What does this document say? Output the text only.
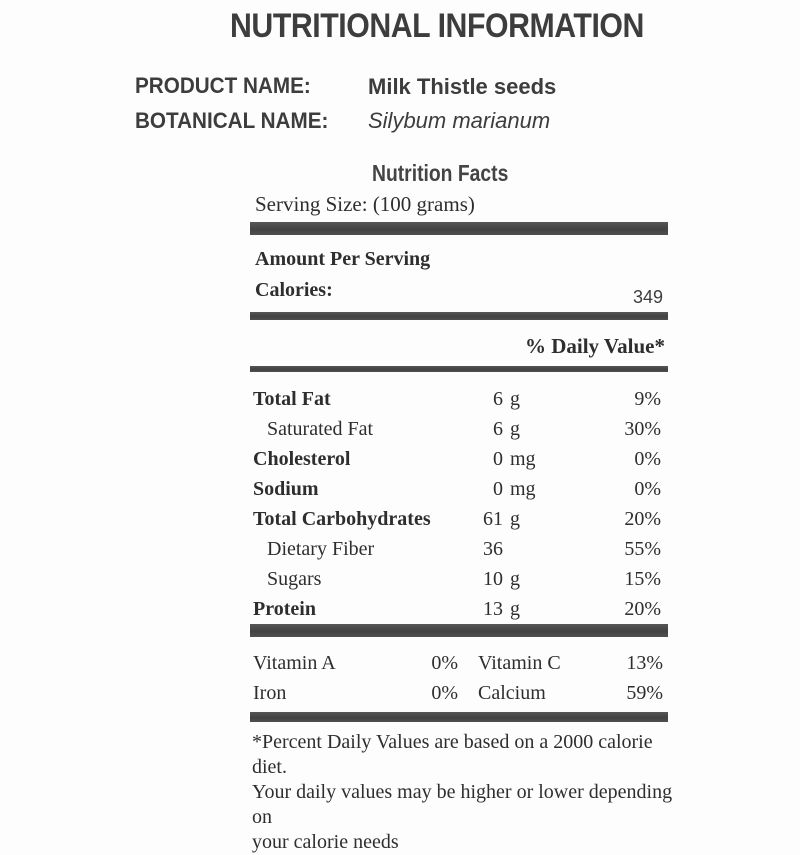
NUTRITIONAL INFORMATION
PRODUCT NAME:	Milk Thistle seeds
BOTANICAL NAME: Silybum marianum
Nutrition Facts
Serving Size: (100 grams)
Amount Per Serving
Calories:	349
% Daily Value*
Total Fat	6 g	9%
Saturated Fat	6 g	30%
Cholesterol	0 mg	0%
Sodium	0 mg	0%
Total Carbohydrates	61 g	20%
Dietary Fiber	36	55%
Sugars	10 g	15%
Protein	13 g	20%
Vitamin A	0% Vitamin C	13%
Iron	0% Calcium	59%
*Percent Daily Values are based on a 2000 calorie diet.
Your daily values may be higher or lower depending on
your calorie needs
